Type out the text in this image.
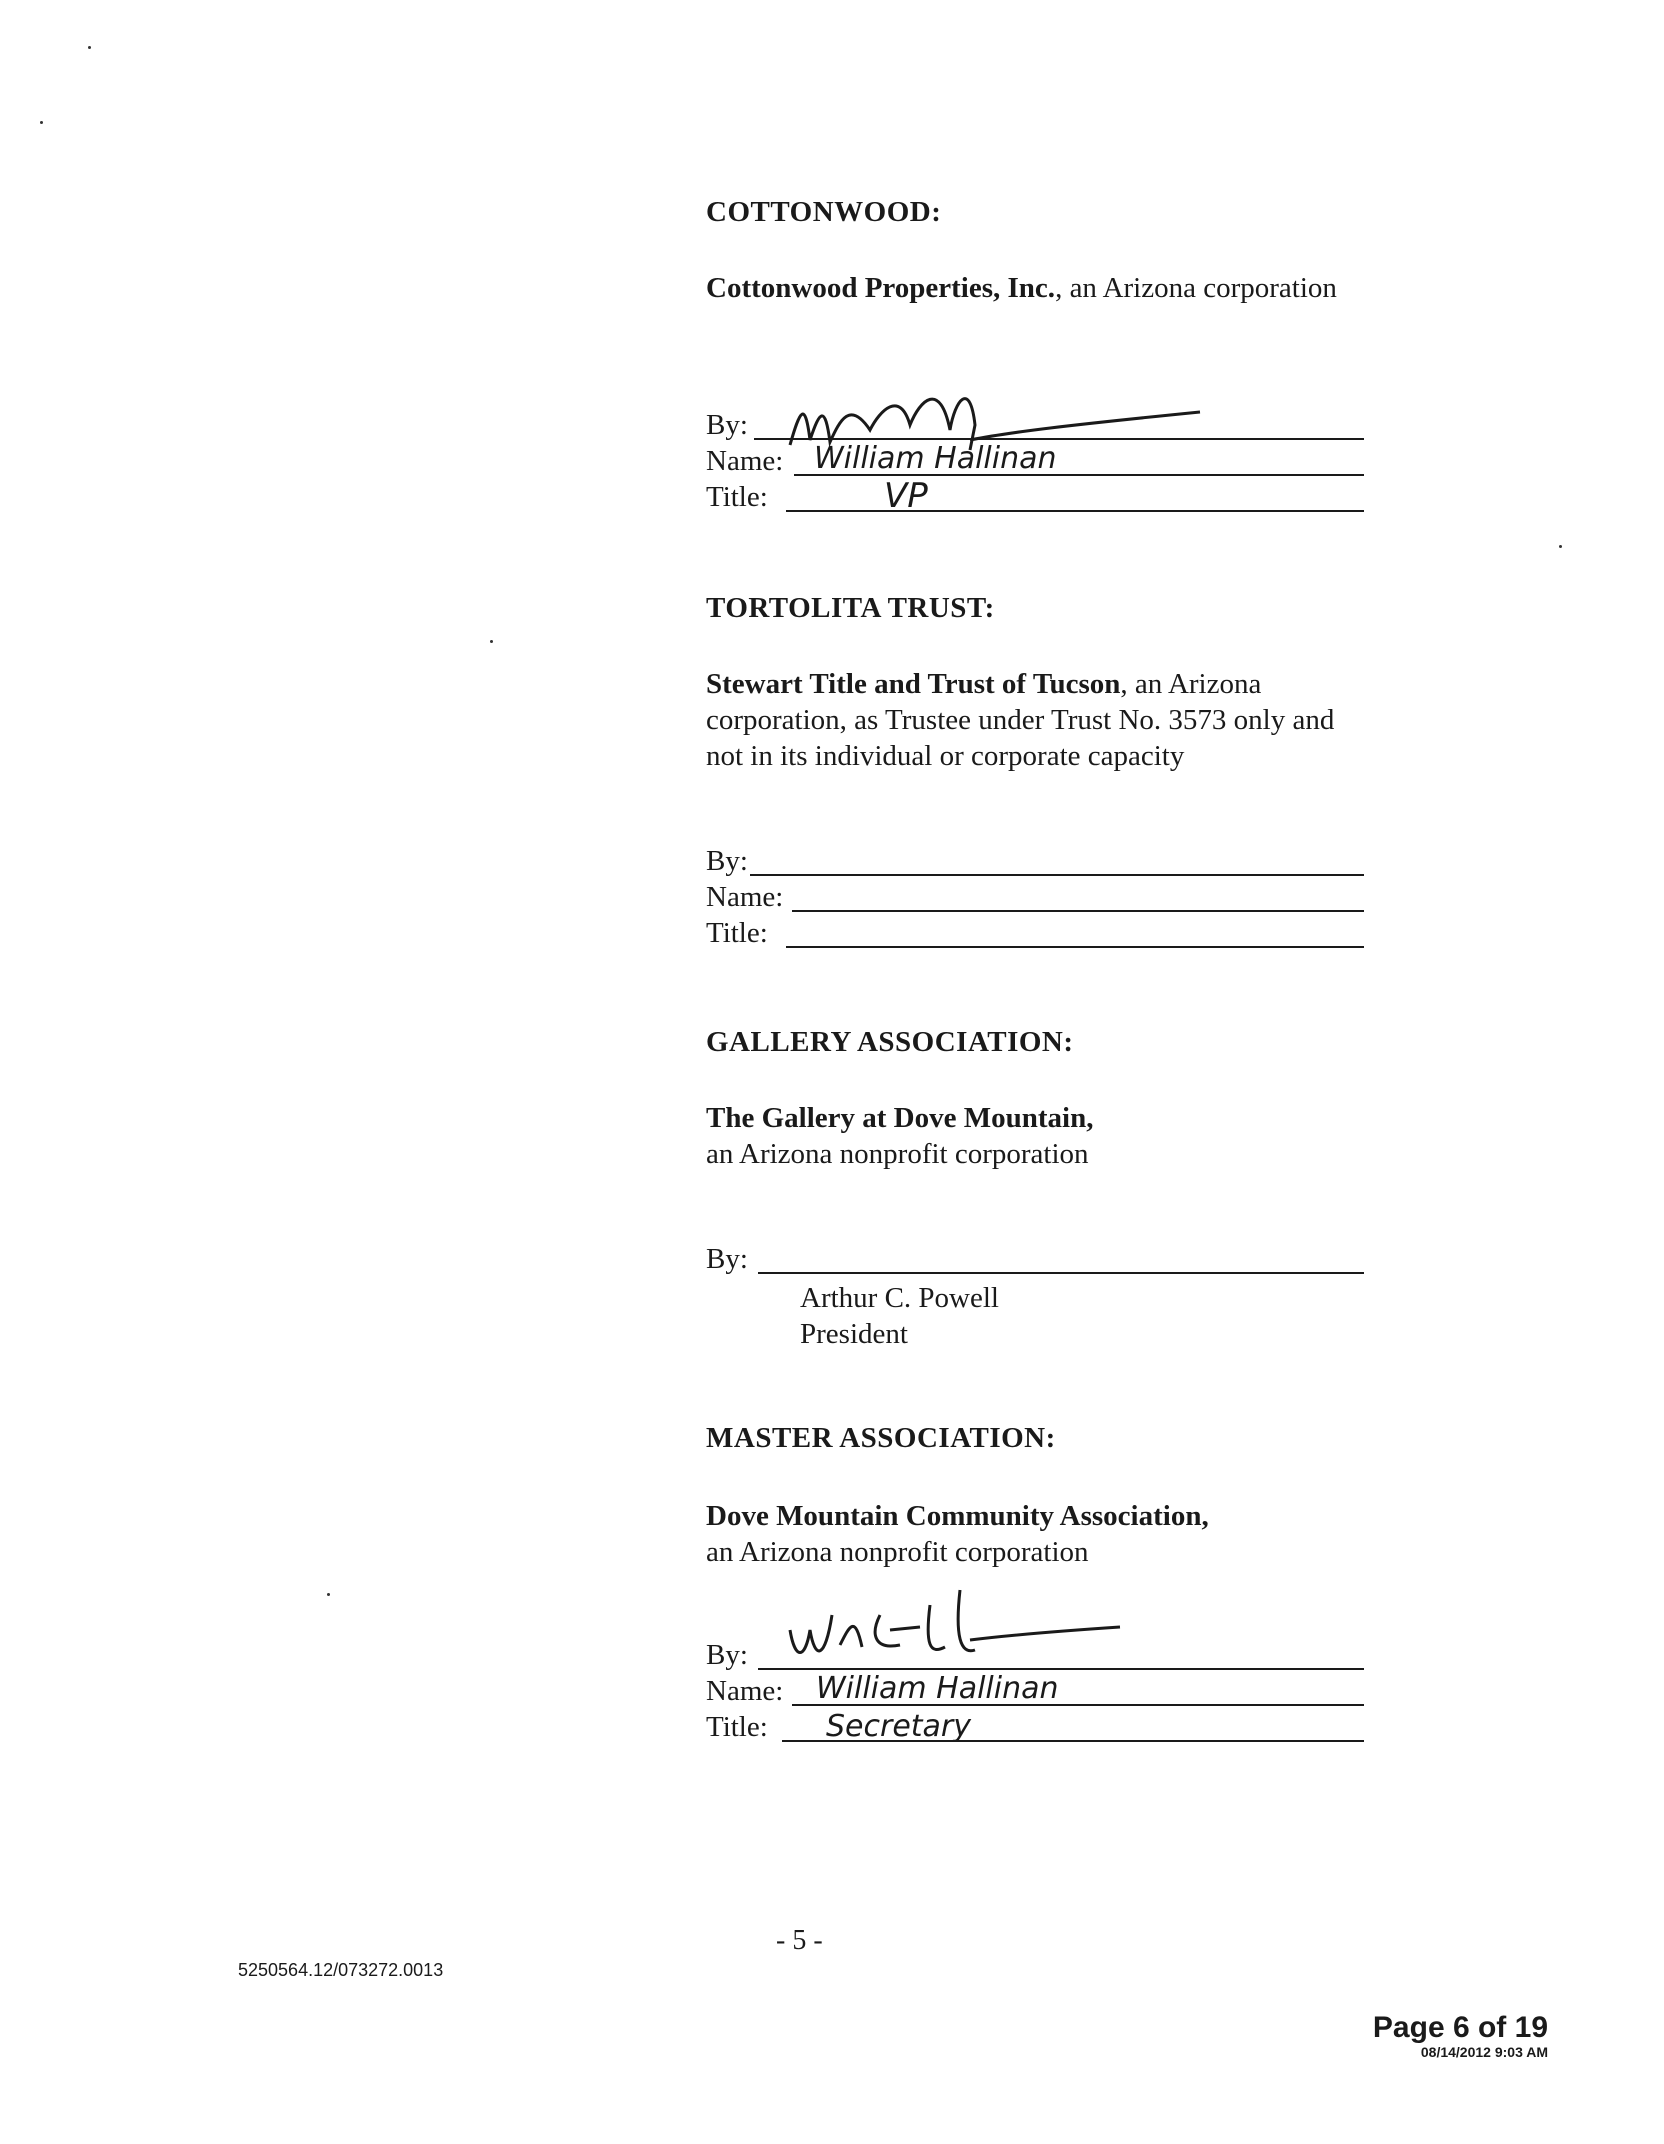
COTTONWOOD:
Cottonwood Properties, Inc., an Arizona corporation
By:
Name: William Hallinan
Title:	VP
TORTOLITA TRUST:
Stewart Title and Trust of Tucson, an Arizona corporation, as Trustee under Trust No. 3573 only and not in its individual or corporate capacity
By:
Name:
Title:
GALLERY ASSOCIATION:
The Gallery at Dove Mountain,
an Arizona nonprofit corporation
By:
Arthur C. Powell
President
MASTER ASSOCIATION:
Dove Mountain Community Association,
an Arizona nonprofit corporation
By:
Name: William Hallinan
Title: Secretary
- 5 -
5250564.12/073272.0013
Page 6 of 19
08/14/2012 9:03 AM
